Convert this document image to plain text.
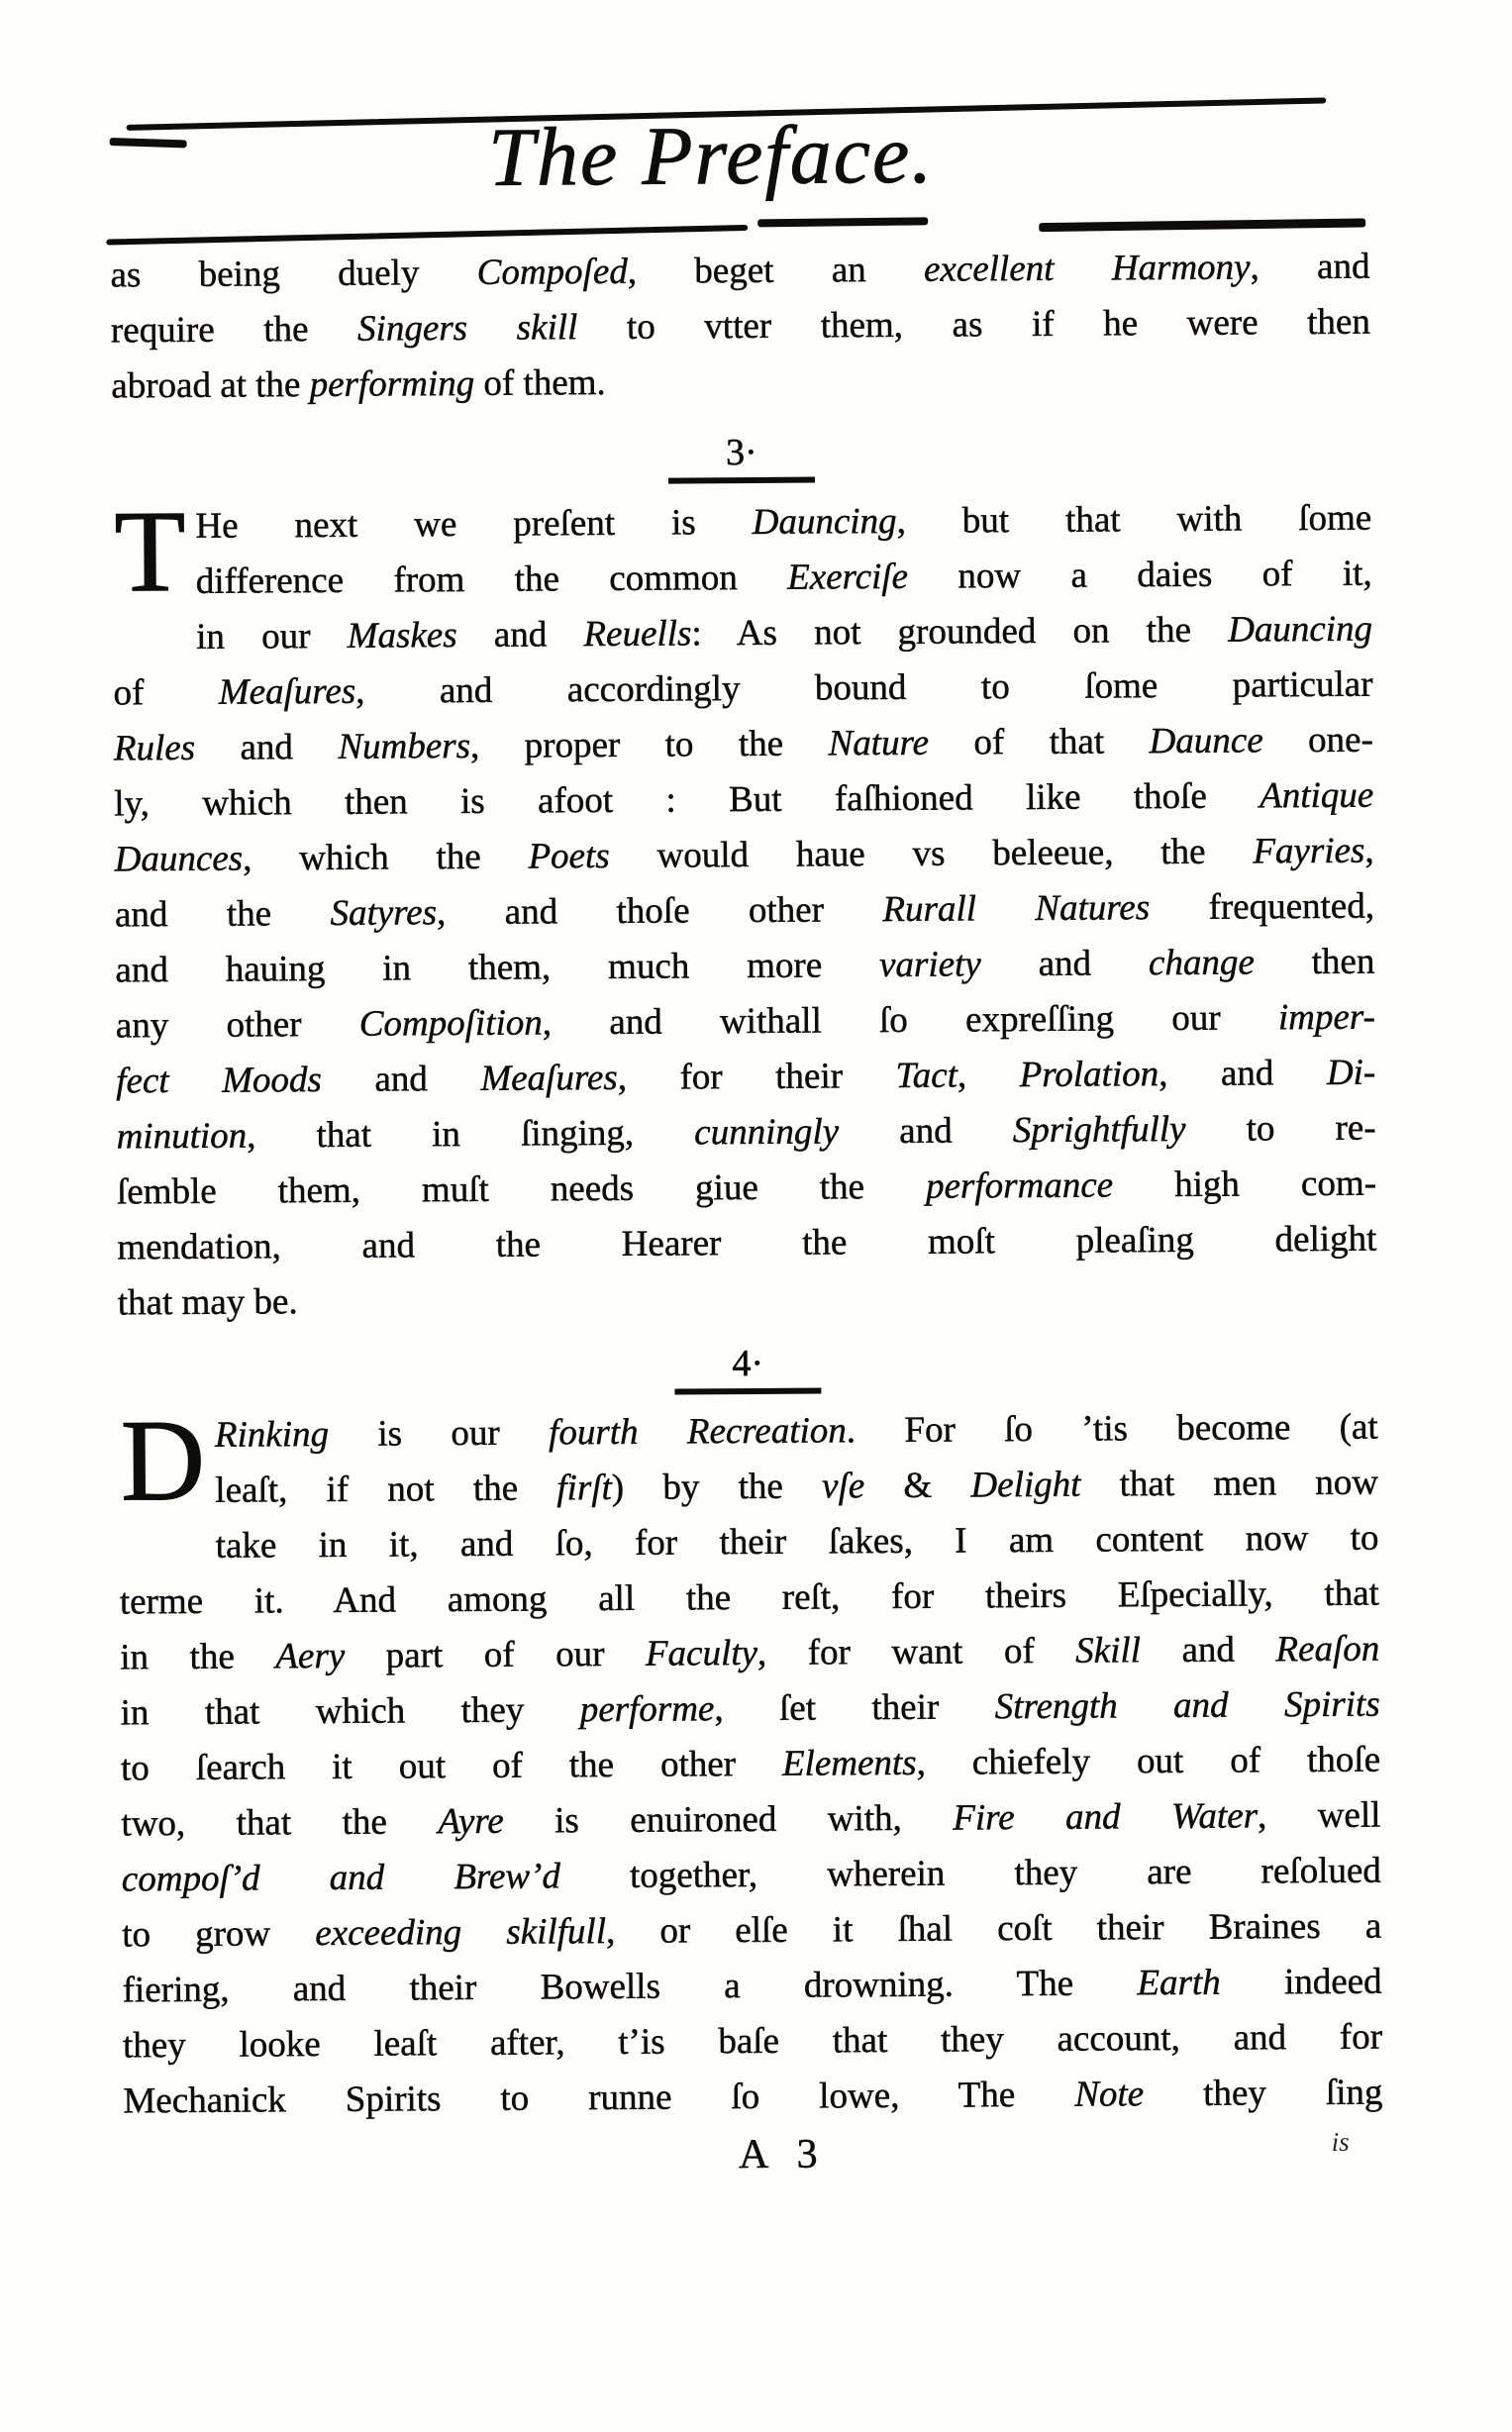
The Preface.
as being duely Compoſed, beget an excellent Harmony, and
require the Singers skill to vtter them, as if he were then
abroad at the performing of them.
3·
T He next we preſent is Dauncing, but that with ſome
difference from the common Exerciſe now a daies of it,
in our Maskes and Reuells: As not grounded on the Dauncing
of Meaſures, and accordingly bound to ſome particular
Rules and Numbers, proper to the Nature of that Daunce one-
ly, which then is afoot : But faſhioned like thoſe Antique
Daunces, which the Poets would haue vs beleeue, the Fayries,
and the Satyres, and thoſe other Rurall Natures frequented,
and hauing in them, much more variety and change then
any other Compoſition, and withall ſo expreſſing our imper-
fect Moods and Meaſures, for their Tact, Prolation, and Di-
minution, that in ſinging, cunningly and Sprightfully to re-
ſemble them, muſt needs giue the performance high com-
mendation, and the Hearer the moſt pleaſing delight
that may be.
4·
D Rinking is our fourth Recreation. For ſo ’tis become (at
leaſt, if not the firſt) by the vſe & Delight that men now
take in it, and ſo, for their ſakes, I am content now to
terme it. And among all the reſt, for theirs Eſpecially, that
in the Aery part of our Faculty, for want of Skill and Reaſon
in that which they performe, ſet their Strength and Spirits
to ſearch it out of the other Elements, chiefely out of thoſe
two, that the Ayre is enuironed with, Fire and Water, well
compoſ’d and Brew’d together, wherein they are reſolued
to grow exceeding skilfull, or elſe it ſhal coſt their Braines a
fiering, and their Bowells a drowning. The Earth indeed
they looke leaſt after, t’is baſe that they account, and for
Mechanick Spirits to runne ſo lowe, The Note they ſing
A 3	is
